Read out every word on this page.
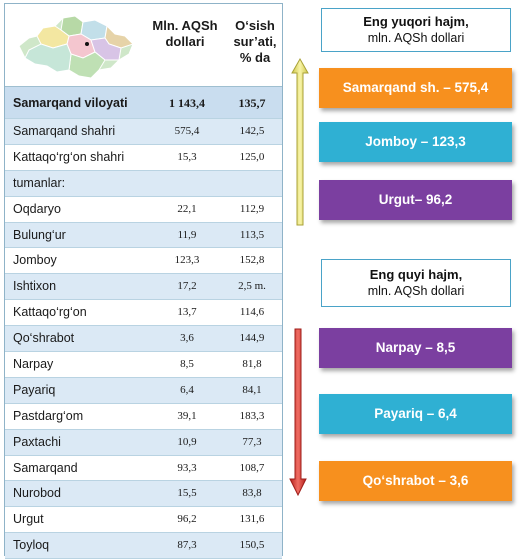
Mln. AQSh dollari
O‘sish sur’ati, % da
Samarqand viloyati	1 143,4	135,7
Samarqand shahri	575,4	142,5
Kattaqo‘rg‘on shahri	15,3	125,0
tumanlar:
Oqdaryo	22,1	112,9
Bulung‘ur	11,9	113,5
Jomboy	123,3	152,8
Ishtixon	17,2	2,5 m.
Kattaqo‘rg‘on	13,7	114,6
Qo‘shrabot	3,6	144,9
Narpay	8,5	81,8
Payariq	6,4	84,1
Pastdarg‘om	39,1	183,3
Paxtachi	10,9	77,3
Samarqand	93,3	108,7
Nurobod	15,5	83,8
Urgut	96,2	131,6
Toyloq	87,3	150,5
Eng yuqori hajm,
mln. AQSh dollari
Samarqand sh. – 575,4
Jomboy – 123,3
Urgut– 96,2
Eng quyi hajm,
mln. AQSh dollari
Narpay – 8,5
Payariq – 6,4
Qo‘shrabot – 3,6
